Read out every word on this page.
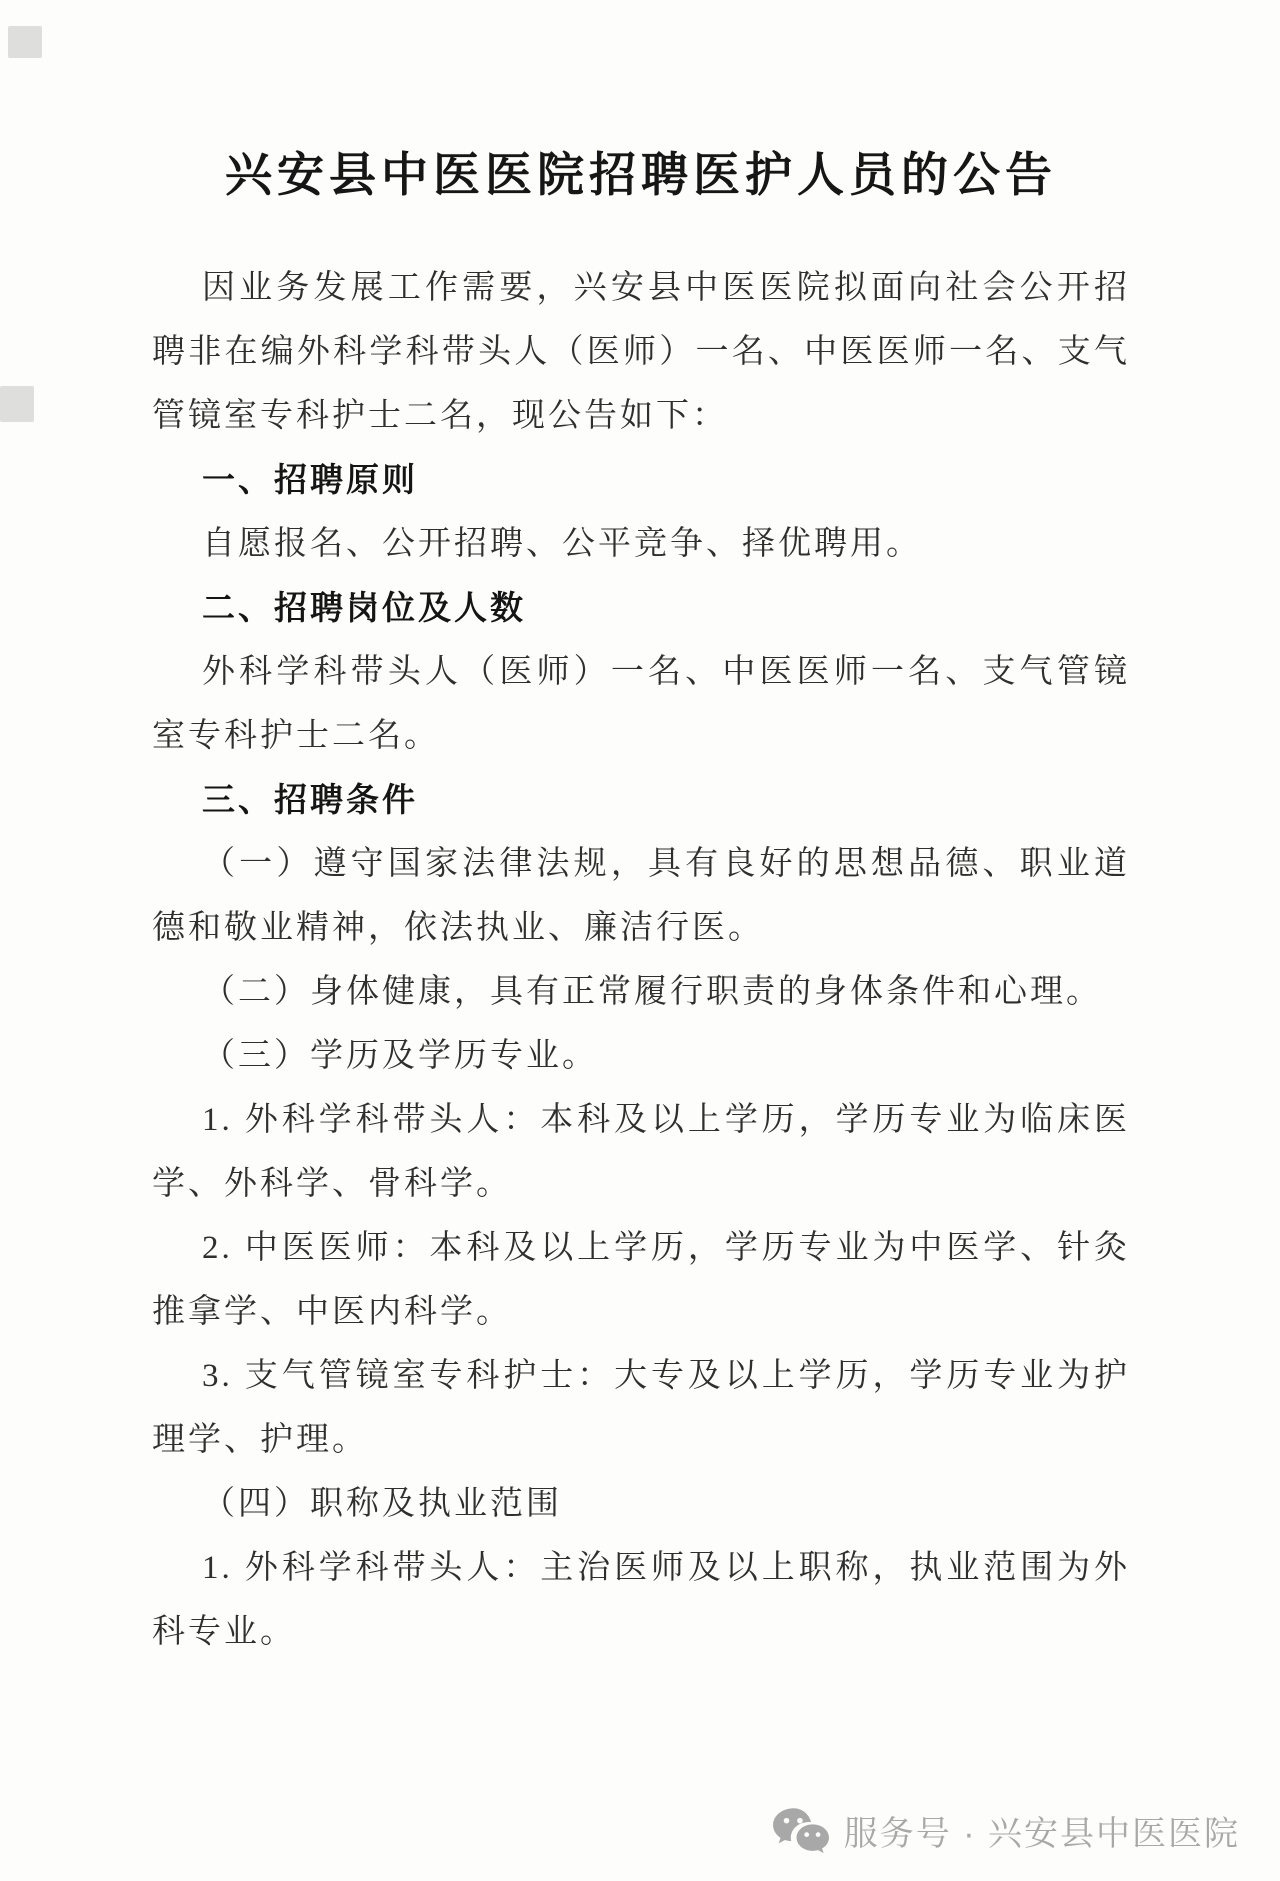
兴安县中医医院招聘医护人员的公告

因业务发展工作需要，兴安县中医医院拟面向社会公开招聘非在编外科学科带头人（医师）一名、中医医师一名、支气管镜室专科护士二名，现公告如下：

一、招聘原则

自愿报名、公开招聘、公平竞争、择优聘用。

二、招聘岗位及人数

外科学科带头人（医师）一名、中医医师一名、支气管镜室专科护士二名。

三、招聘条件

（一）遵守国家法律法规，具有良好的思想品德、职业道德和敬业精神，依法执业、廉洁行医。

（二）身体健康，具有正常履行职责的身体条件和心理。

（三）学历及学历专业。

1. 外科学科带头人：本科及以上学历，学历专业为临床医学、外科学、骨科学。

2. 中医医师：本科及以上学历，学历专业为中医学、针灸推拿学、中医内科学。

3. 支气管镜室专科护士：大专及以上学历，学历专业为护理学、护理。

（四）职称及执业范围

1. 外科学科带头人：主治医师及以上职称，执业范围为外科专业。

服务号 · 兴安县中医医院
